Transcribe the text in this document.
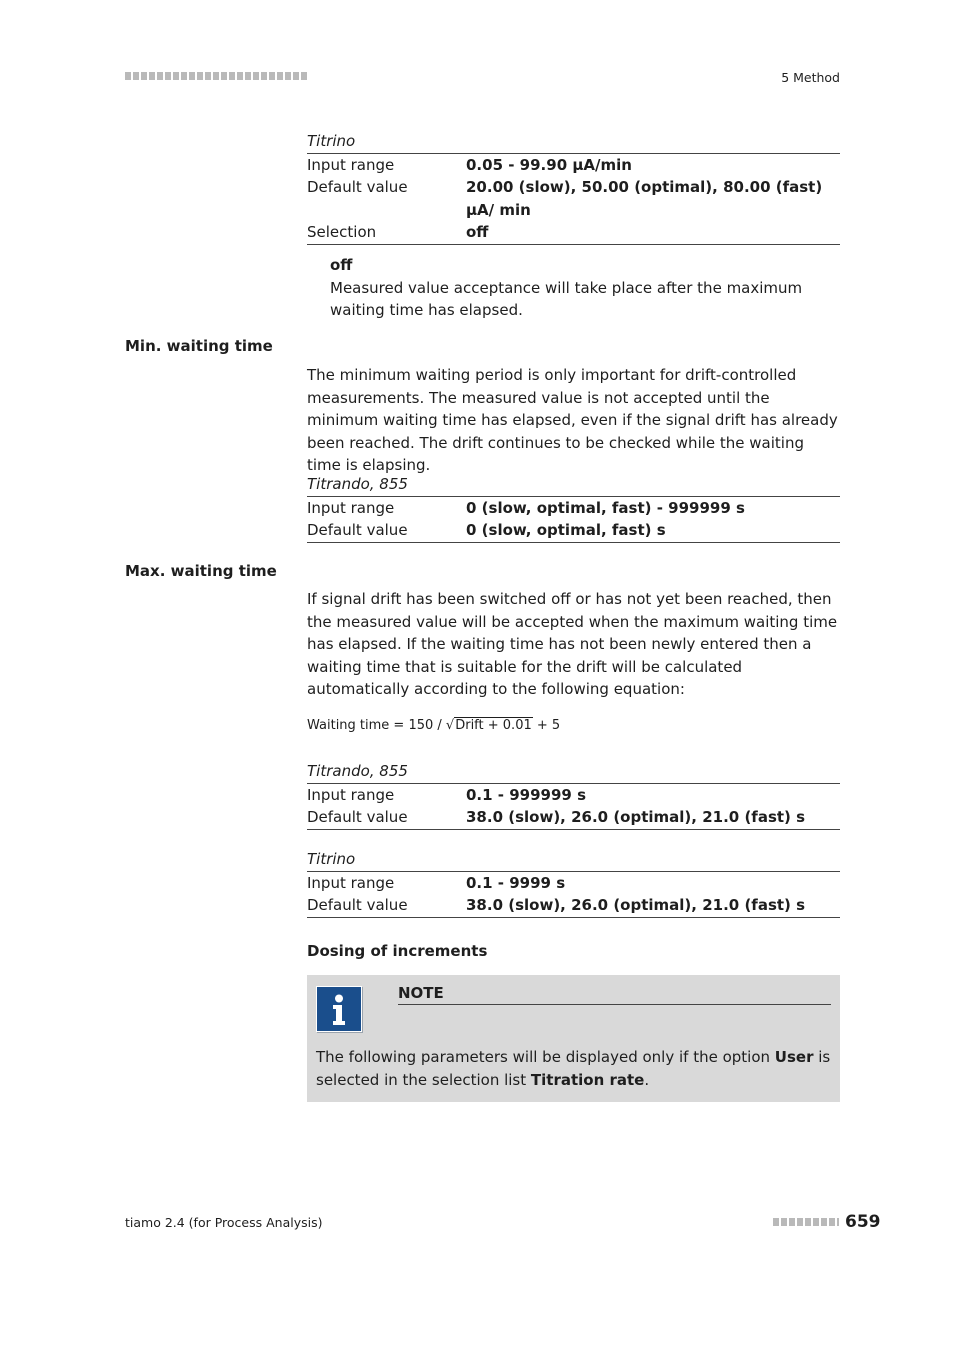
5 Method
Titrino
Input range	0.05 - 99.90 µA/min
Default value	20.00 (slow), 50.00 (optimal), 80.00 (fast) µA/ min
Selection	off
off
Measured value acceptance will take place after the maximum waiting time has elapsed.
Min. waiting time
The minimum waiting period is only important for drift-controlled measurements. The measured value is not accepted until the minimum waiting time has elapsed, even if the signal drift has already been reached. The drift continues to be checked while the waiting time is elapsing.
Titrando, 855
Input range	0 (slow, optimal, fast) - 999999 s
Default value	0 (slow, optimal, fast) s
Max. waiting time
If signal drift has been switched off or has not yet been reached, then the measured value will be accepted when the maximum waiting time has elapsed. If the waiting time has not been newly entered then a waiting time that is suitable for the drift will be calculated automatically according to the following equation:
Waiting time = 150 / √Drift + 0.01 + 5
Titrando, 855
Input range	0.1 - 999999 s
Default value	38.0 (slow), 26.0 (optimal), 21.0 (fast) s
Titrino
Input range	0.1 - 9999 s
Default value	38.0 (slow), 26.0 (optimal), 21.0 (fast) s
Dosing of increments
NOTE
The following parameters will be displayed only if the option User is selected in the selection list Titration rate.
tiamo 2.4 (for Process Analysis)	659
